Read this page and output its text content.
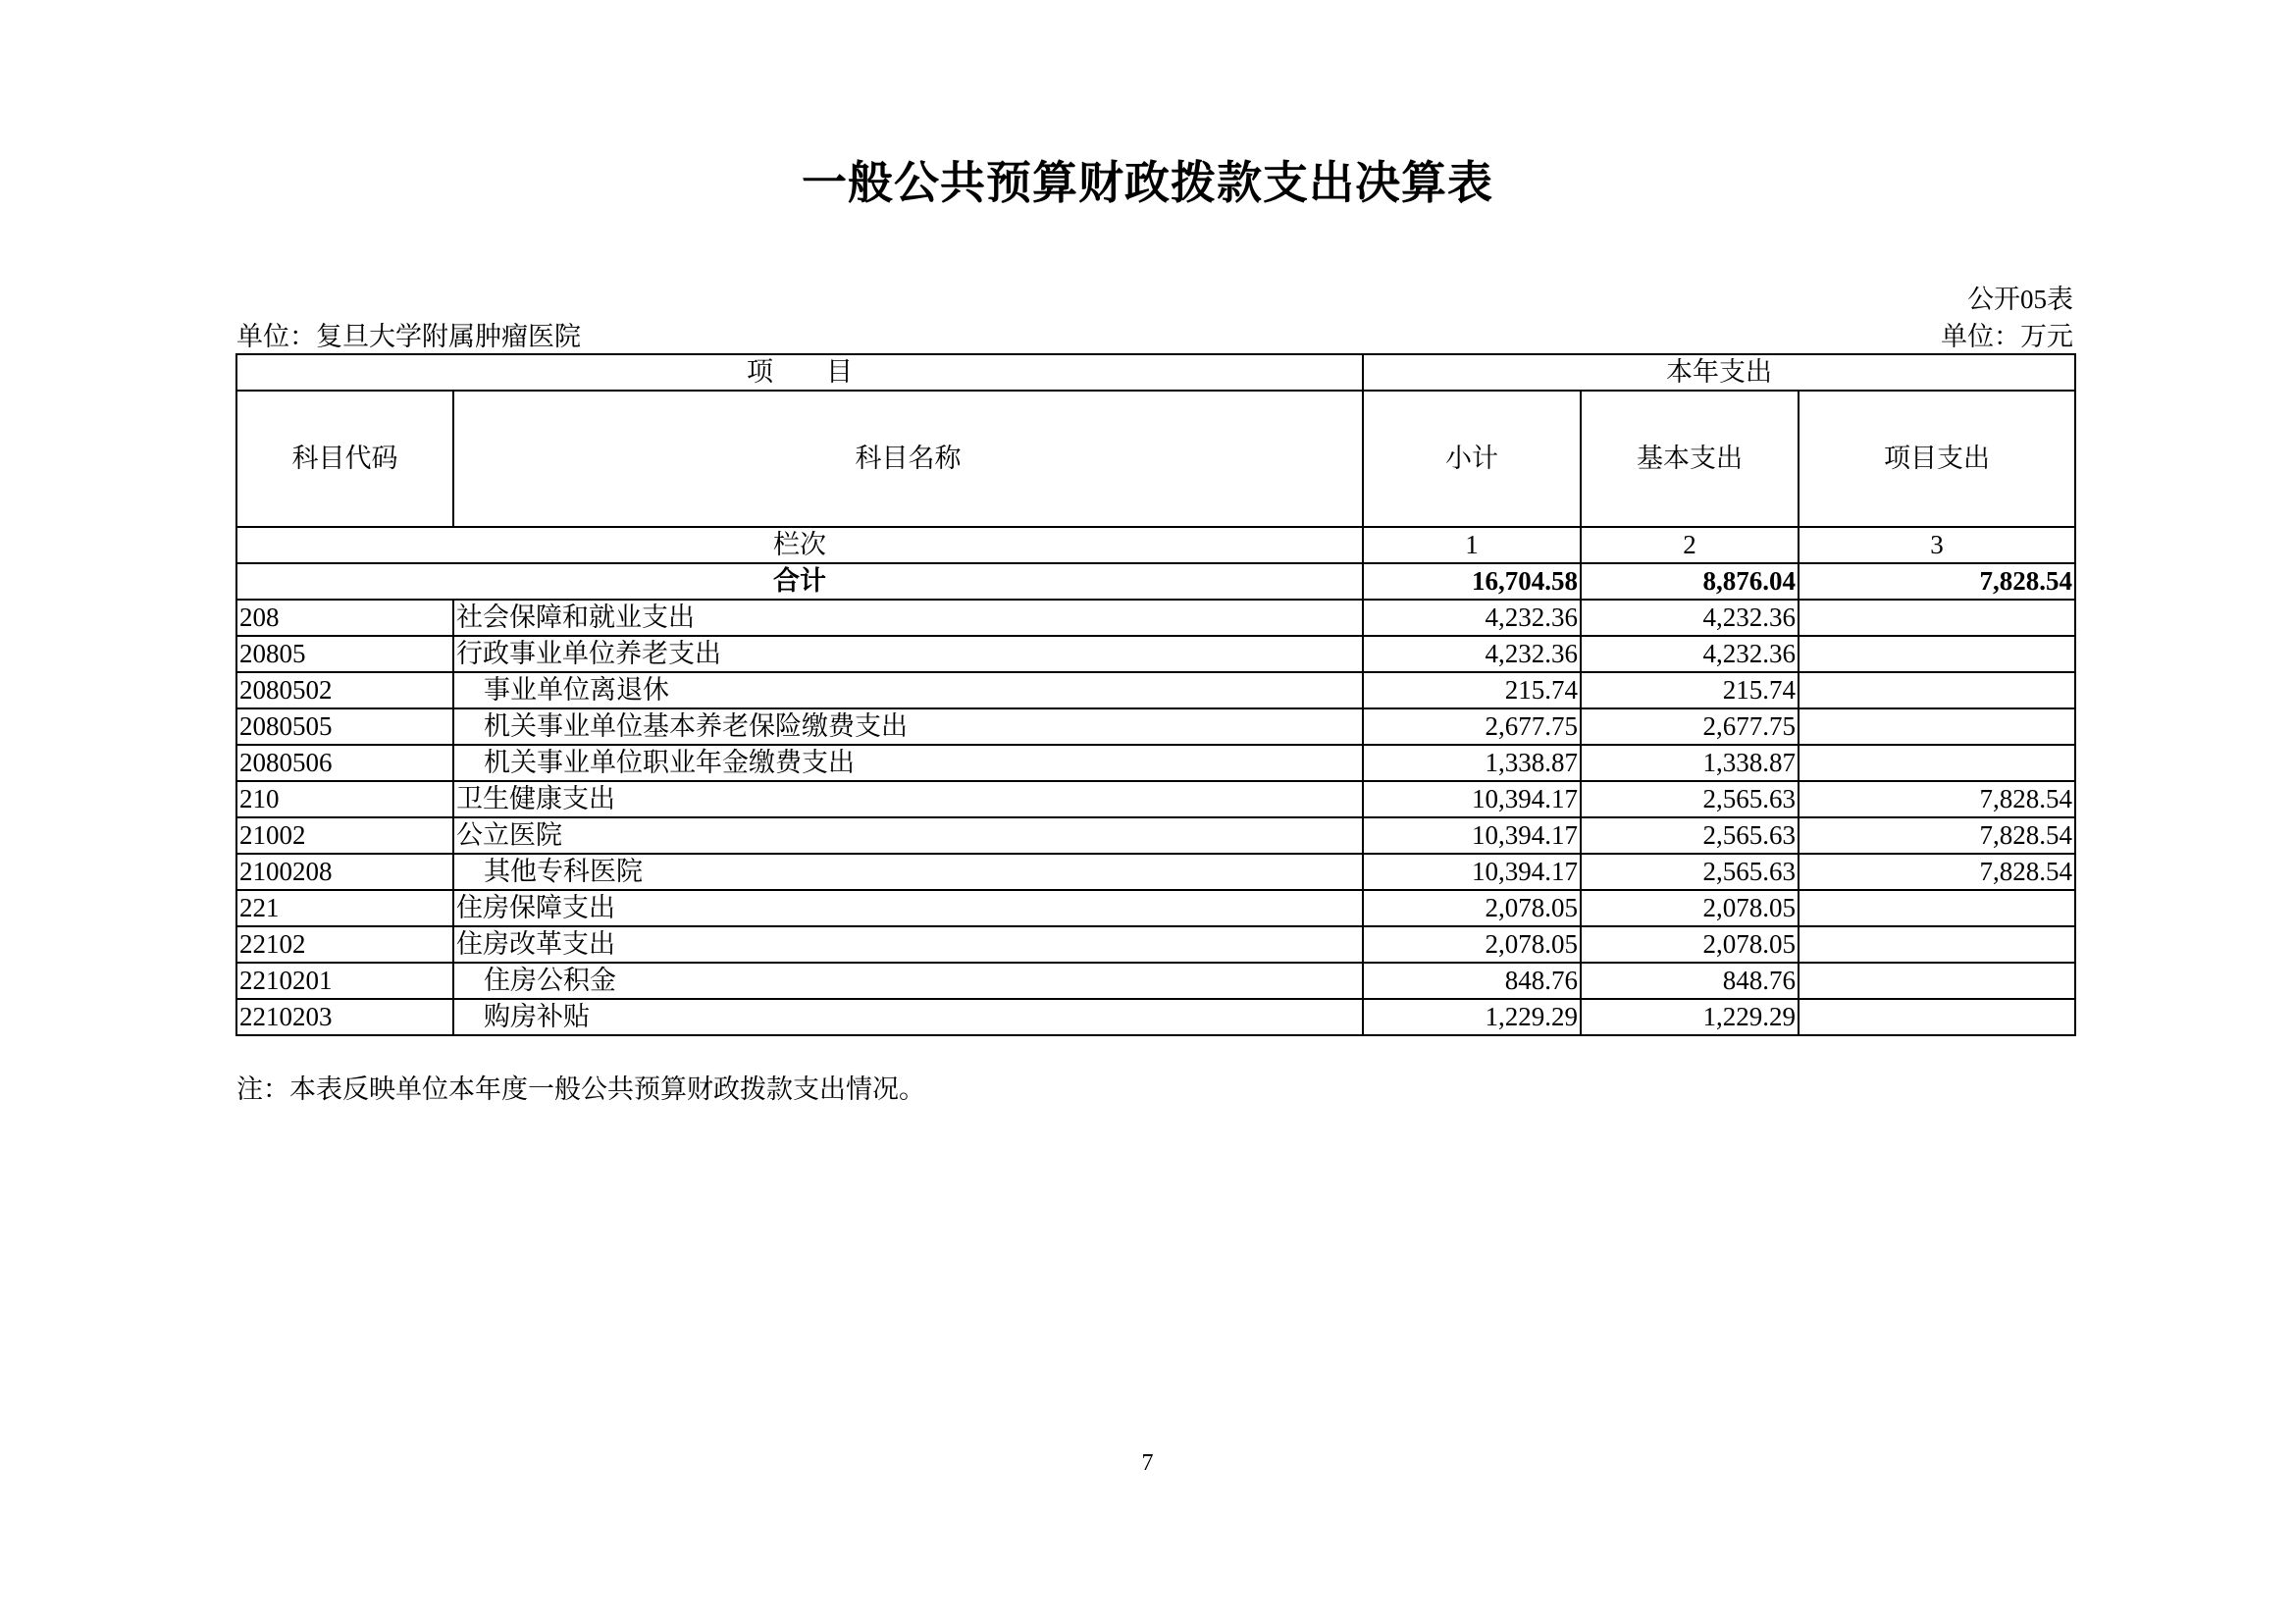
一般公共预算财政拨款支出决算表
公开05表
单位：复旦大学附属肿瘤医院	单位：万元
项　　目		本年支出		
科目代码	科目名称	小计	基本支出	项目支出
栏次		1	2	3
合计		16,704.58	8,876.04	7,828.54
208	社会保障和就业支出	4,232.36	4,232.36	
20805	行政事业单位养老支出	4,232.36	4,232.36	
2080502	事业单位离退休	215.74	215.74	
2080505	机关事业单位基本养老保险缴费支出	2,677.75	2,677.75	
2080506	机关事业单位职业年金缴费支出	1,338.87	1,338.87	
210	卫生健康支出	10,394.17	2,565.63	7,828.54
21002	公立医院	10,394.17	2,565.63	7,828.54
2100208	其他专科医院	10,394.17	2,565.63	7,828.54
221	住房保障支出	2,078.05	2,078.05	
22102	住房改革支出	2,078.05	2,078.05	
2210201	住房公积金	848.76	848.76	
2210203	购房补贴	1,229.29	1,229.29	
注：本表反映单位本年度一般公共预算财政拨款支出情况。
7
